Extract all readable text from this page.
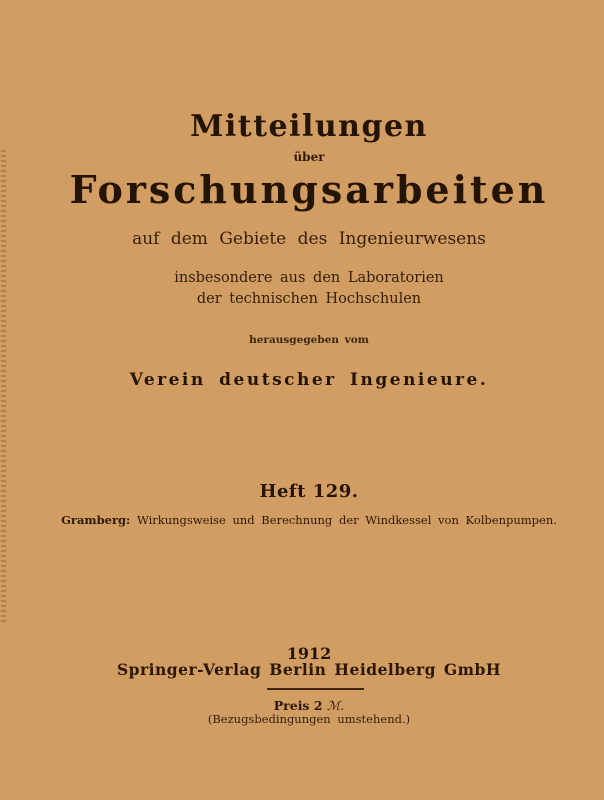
Mitteilungen
über
Forschungsarbeiten
auf dem Gebiete des Ingenieurwesens
insbesondere aus den Laboratorien
der technischen Hochschulen
herausgegeben vom
Verein deutscher Ingenieure.
Heft 129.
Gramberg: Wirkungsweise und Berechnung der Windkessel von Kolbenpumpen.
1912
Springer-Verlag Berlin Heidelberg GmbH
Preis 2 ℳ.
(Bezugsbedingungen umstehend.)
